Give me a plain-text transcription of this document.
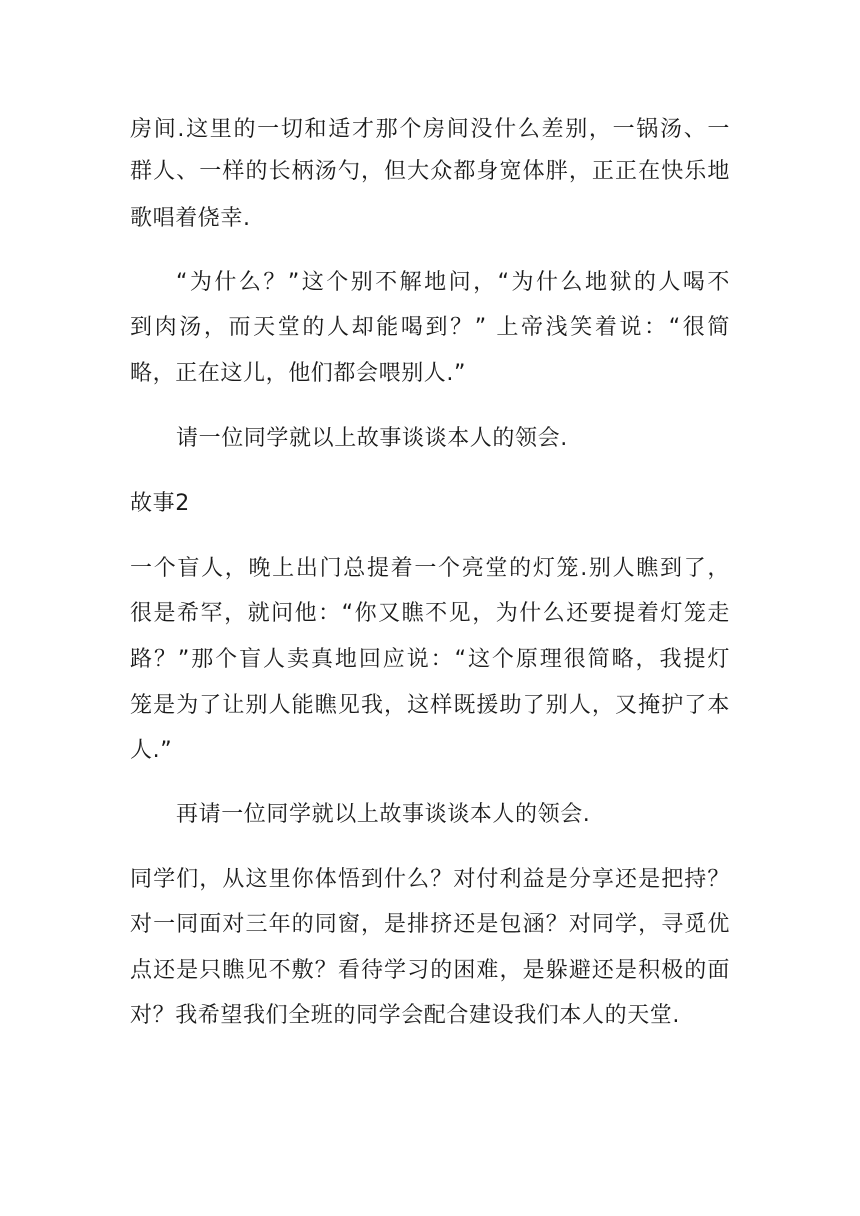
房间.这里的一切和适才那个房间没什么差别，一锅汤、一
群人、一样的长柄汤勺，但大众都身宽体胖，正正在快乐地
歌唱着侥幸.
“为什么？”这个别不解地问，“为什么地狱的人喝不
到肉汤，而天堂的人却能喝到？” 上帝浅笑着说：“很简
略，正在这儿，他们都会喂别人.”
请一位同学就以上故事谈谈本人的领会.
故事2
一个盲人，晚上出门总提着一个亮堂的灯笼.别人瞧到了，
很是希罕，就问他：“你又瞧不见，为什么还要提着灯笼走
路？”那个盲人卖真地回应说：“这个原理很简略，我提灯
笼是为了让别人能瞧见我，这样既援助了别人，又掩护了本
人.”
再请一位同学就以上故事谈谈本人的领会.
同学们，从这里你体悟到什么？对付利益是分享还是把持？
对一同面对三年的同窗，是排挤还是包涵？对同学，寻觅优
点还是只瞧见不敷？看待学习的困难，是躲避还是积极的面
对？我希望我们全班的同学会配合建设我们本人的天堂.
